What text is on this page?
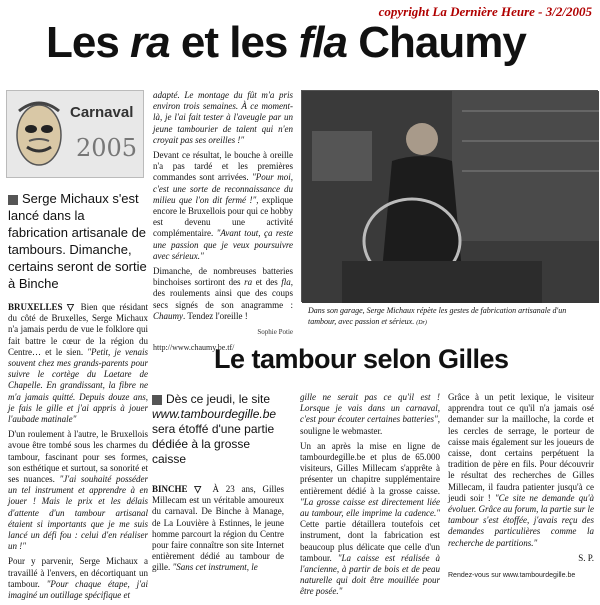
copyright La Dernière Heure - 3/2/2005
Les ra et les fla Chaumy
Carnaval
2005
Serge Michaux s'est lancé dans la fabrication artisanale de tambours. Dimanche, certains seront de sortie à Binche

BRUXELLES ▽ Bien que résidant du côté de Bruxelles, Serge Michaux n'a jamais perdu de vue le folklore qui fait battre le cœur de la région du Centre… et le sien. "Petit, je venais souvent chez mes grands-parents pour suivre le cortège du Laetare de Chapelle. En grandissant, la fibre ne m'a jamais quitté. Depuis douze ans, je fais le gille et j'ai appris à jouer l'aubade matinale"

D'un roulement à l'autre, le Bruxellois avoue être tombé sous les charmes du tambour, fascinant pour ses formes, son esthétique et surtout, sa sonorité et ses nuances. "J'ai souhaité posséder un tel instrument et apprendre à en jouer ! Mais le prix et les délais d'attente d'un tambour artisanal étaient si importants que je me suis lancé un défi fou : celui d'en réaliser un !"

Pour y parvenir, Serge Michaux a travaillé à l'envers, en décortiquant un tambour. "Pour chaque étape, j'ai imaginé un outillage spécifique et

adapté. Le montage du fût m'a pris environ trois semaines. À ce moment-là, je l'ai fait tester à l'aveugle par un jeune tambourier de talent qui n'en croyait pas ses oreilles !"

Devant ce résultat, le bouche à oreille n'a pas tardé et les premières commandes sont arrivées. "Pour moi, c'est une sorte de reconnaissance du milieu que l'on dit fermé !", explique encore le Bruxellois pour qui ce hobby est devenu une activité complémentaire. "Avant tout, ça reste une passion que je veux poursuivre avec sérieux."

Dimanche, de nombreuses batteries binchoises sortiront des ra et des fla, des roulements ainsi que des coups secs signés de son anagramme : Chaumy. Tendez l'oreille !

Sophie Potie

http://www.chaumy.be.tf/

Dans son garage, Serge Michaux répète les gestes de fabrication artisanale d'un tambour, avec passion et sérieux. (Dr)
Le tambour selon Gilles
Dès ce jeudi, le site www.tambourdegille.be sera étoffé d'une partie dédiée à la grosse caisse

BINCHE ▽ À 23 ans, Gilles Millecam est un véritable amoureux du carnaval. De Binche à Manage, de La Louvière à Estinnes, le jeune homme parcourt la région du Centre pour faire connaître son site Internet entièrement dédié au tambour de gille. "Sans cet instrument, le

gille ne serait pas ce qu'il est ! Lorsque je vais dans un carnaval, c'est pour écouter certaines batteries", souligne le webmaster.

Un an après la mise en ligne de tambourdegille.be et plus de 65.000 visiteurs, Gilles Millecam s'apprête à présenter un chapitre supplémentaire entièrement dédié à la grosse caisse. "La grosse caisse est directement liée au tambour, elle imprime la cadence." Cette partie détaillera toutefois cet instrument, dont la fabrication est beaucoup plus délicate que celle d'un tambour. "La caisse est réalisée à l'ancienne, à partir de bois et de peau naturelle qui doit être mouillée pour être posée."

Grâce à un petit lexique, le visiteur apprendra tout ce qu'il n'a jamais osé demander sur la mailloche, la corde et les cercles de serrage, le porteur de caisse mais également sur les joueurs de caisse, dont certains perpétuent la tradition de père en fils. Pour découvrir le résultat des recherches de Gilles Millecam, il faudra patienter jusqu'à ce jeudi soir ! "Ce site ne demande qu'à évoluer. Grâce au forum, la partie sur le tambour s'est étoffée, j'avais reçu des demandes particulières comme la recherche de partitions."

S. P.

Rendez-vous sur www.tambourdegille.be
